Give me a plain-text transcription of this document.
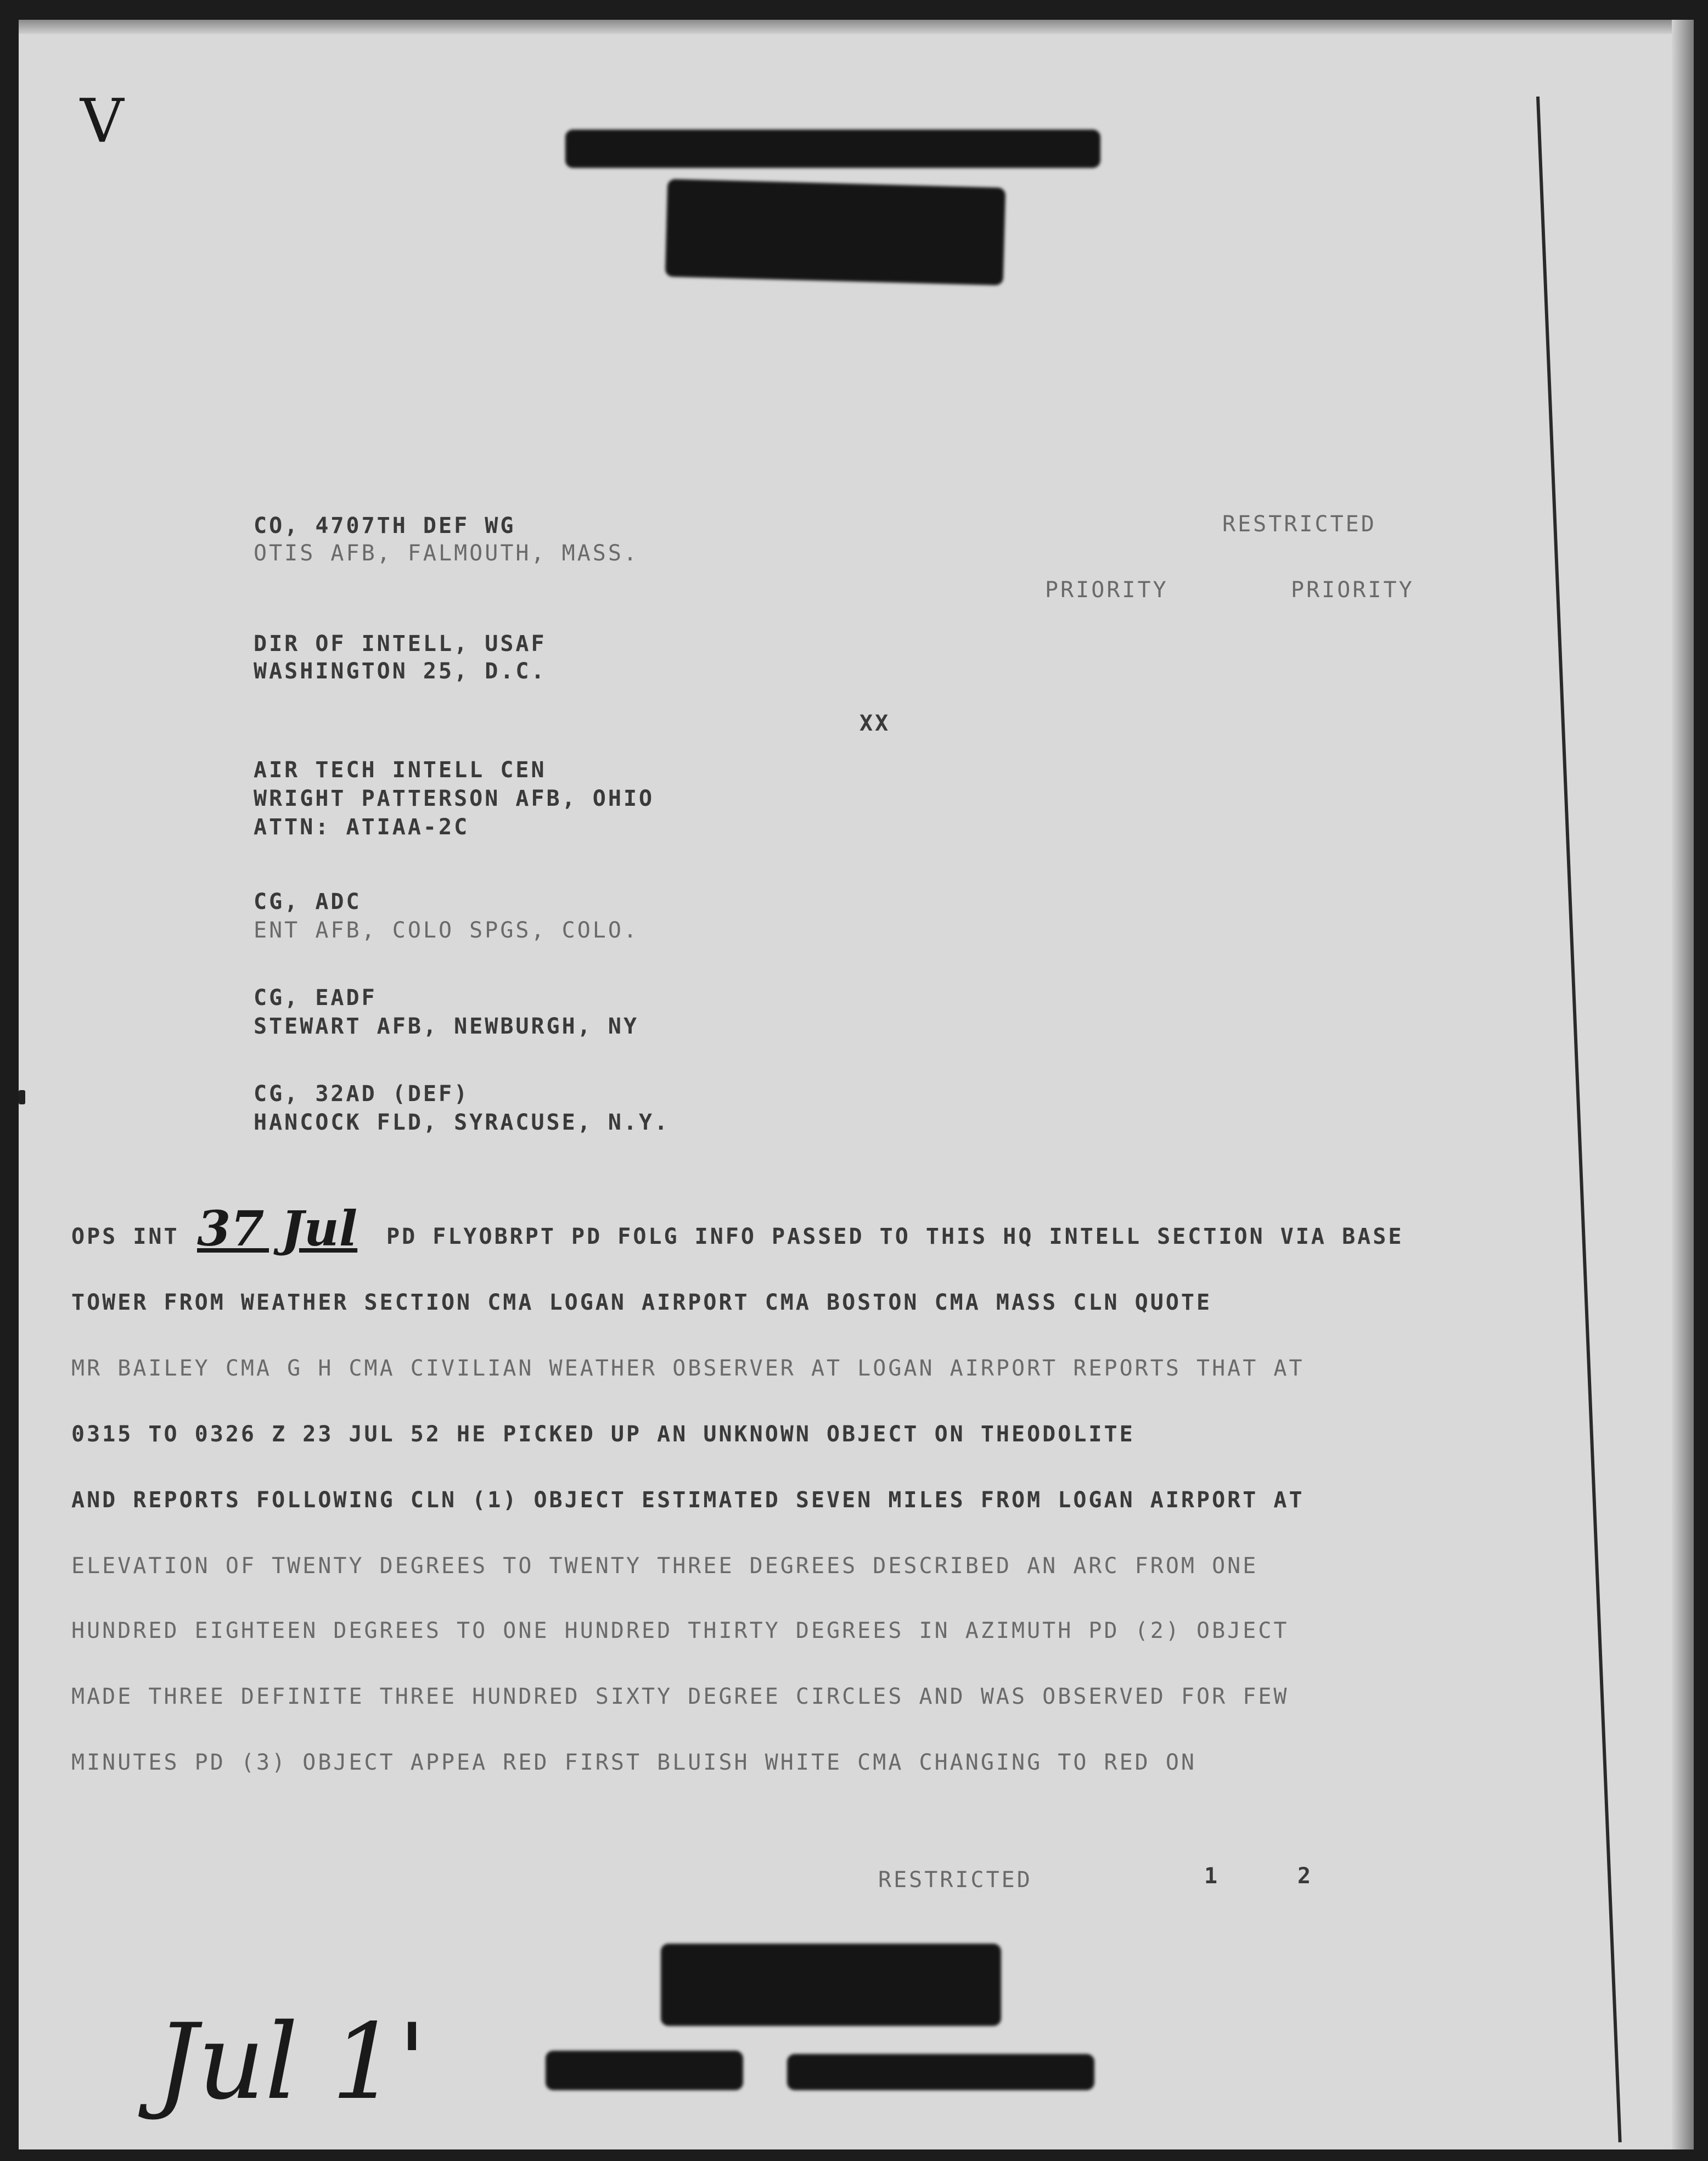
V
RESTRICTED
PRIORITY	PRIORITY
XX
CO, 4707TH DEF WG
OTIS AFB, FALMOUTH, MASS.
DIR OF INTELL, USAF
WASHINGTON 25, D.C.
AIR TECH INTELL CEN
WRIGHT PATTERSON AFB, OHIO
ATTN: ATIAA-2C
CG, ADC
ENT AFB, COLO SPGS, COLO.
CG, EADF
STEWART AFB, NEWBURGH, NY
CG, 32AD (DEF)
HANCOCK FLD, SYRACUSE, N.Y.
OPS INT 37 Jul PD FLYOBRPT PD FOLG INFO PASSED TO THIS HQ INTELL SECTION VIA BASE
TOWER FROM WEATHER SECTION CMA LOGAN AIRPORT CMA BOSTON CMA MASS CLN QUOTE
MR BAILEY CMA G H CMA CIVILIAN WEATHER OBSERVER AT LOGAN AIRPORT REPORTS THAT AT
0315 TO 0326 Z 23 JUL 52 HE PICKED UP AN UNKNOWN OBJECT ON THEODOLITE
AND REPORTS FOLLOWING CLN (1) OBJECT ESTIMATED SEVEN MILES FROM LOGAN AIRPORT AT
ELEVATION OF TWENTY DEGREES TO TWENTY THREE DEGREES DESCRIBED AN ARC FROM ONE
HUNDRED EIGHTEEN DEGREES TO ONE HUNDRED THIRTY DEGREES IN AZIMUTH PD (2) OBJECT
MADE THREE DEFINITE THREE HUNDRED SIXTY DEGREE CIRCLES AND WAS OBSERVED FOR FEW
MINUTES PD (3) OBJECT APPEA RED FIRST BLUISH WHITE CMA CHANGING TO RED ON
RESTRICTED	1	2
Jul 1'
